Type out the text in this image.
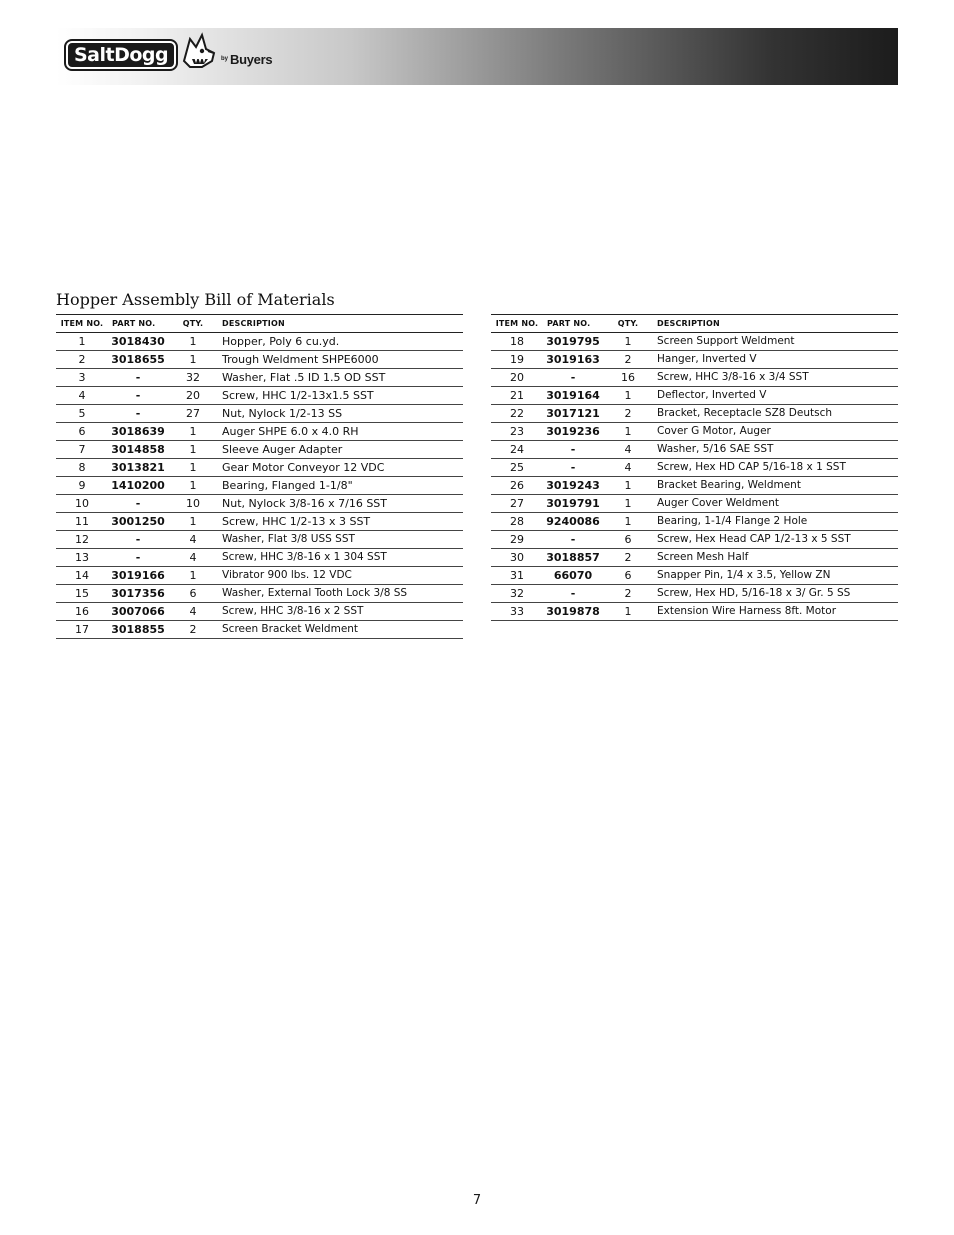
SaltDogg	by Buyers
Hopper Assembly Bill of Materials
ITEM NO.	PART NO.	QTY.	DESCRIPTION
1	3018430	1	Hopper, Poly 6 cu.yd.
2	3018655	1	Trough Weldment SHPE6000
3	-	32	Washer, Flat .5 ID 1.5 OD SST
4	-	20	Screw, HHC 1/2-13x1.5 SST
5	-	27	Nut, Nylock 1/2-13 SS
6	3018639	1	Auger SHPE 6.0 x 4.0 RH
7	3014858	1	Sleeve Auger Adapter
8	3013821	1	Gear Motor Conveyor 12 VDC
9	1410200	1	Bearing, Flanged 1-1/8"
10	-	10	Nut, Nylock 3/8-16 x 7/16 SST
11	3001250	1	Screw, HHC 1/2-13 x 3 SST
12	-	4	Washer, Flat 3/8 USS SST
13	-	4	Screw, HHC 3/8-16 x 1 304 SST
14	3019166	1	Vibrator 900 lbs. 12 VDC
15	3017356	6	Washer, External Tooth Lock 3/8 SS
16	3007066	4	Screw, HHC 3/8-16 x 2 SST
17	3018855	2	Screen Bracket Weldment
ITEM NO.	PART NO.	QTY.	DESCRIPTION
18	3019795	1	Screen Support Weldment
19	3019163	2	Hanger, Inverted V
20	-	16	Screw, HHC 3/8-16 x 3/4 SST
21	3019164	1	Deflector, Inverted V
22	3017121	2	Bracket, Receptacle SZ8 Deutsch
23	3019236	1	Cover G Motor, Auger
24	-	4	Washer, 5/16 SAE SST
25	-	4	Screw, Hex HD CAP 5/16-18 x 1 SST
26	3019243	1	Bracket Bearing, Weldment
27	3019791	1	Auger Cover Weldment
28	9240086	1	Bearing, 1-1/4 Flange 2 Hole
29	-	6	Screw, Hex Head CAP 1/2-13 x 5 SST
30	3018857	2	Screen Mesh Half
31	66070	6	Snapper Pin, 1/4 x 3.5, Yellow ZN
32	-	2	Screw, Hex HD, 5/16-18 x 3/ Gr. 5 SS
33	3019878	1	Extension Wire Harness 8ft. Motor
7
